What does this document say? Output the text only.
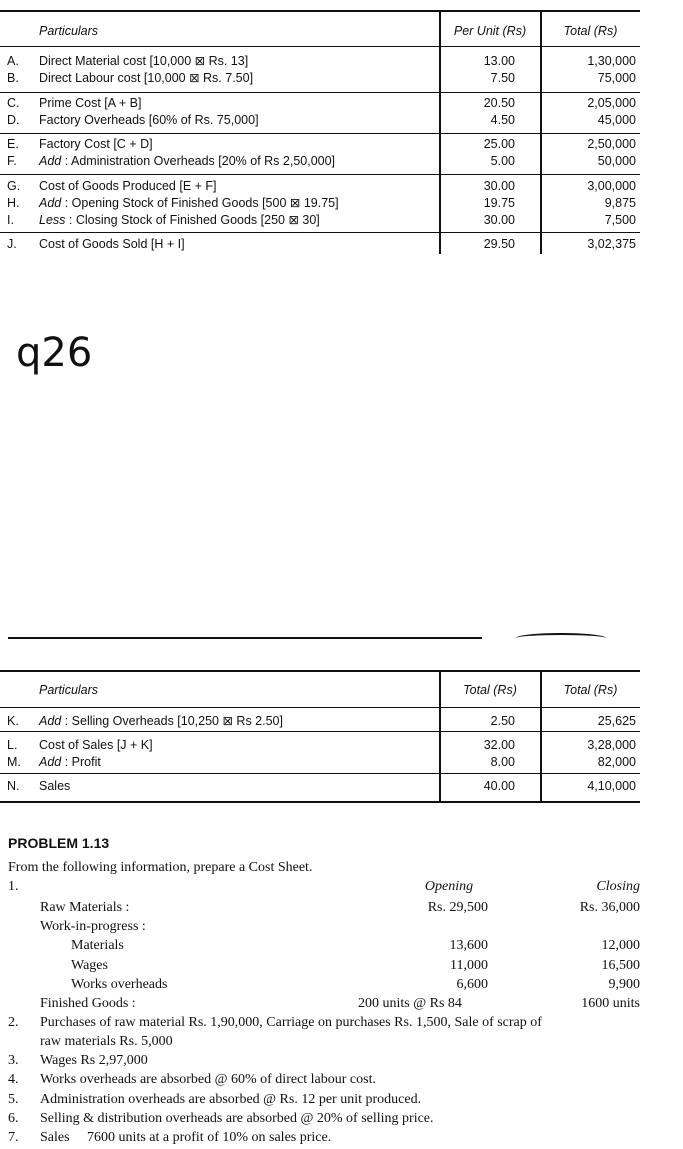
Particulars	Per Unit (Rs)	Total (Rs)
A. Direct Material cost [10,000 ⊠ Rs. 13]	13.00	1,30,000
B. Direct Labour cost [10,000 ⊠ Rs. 7.50]	7.50	75,000
C. Prime Cost [A + B]	20.50	2,05,000
D. Factory Overheads [60% of Rs. 75,000]	4.50	45,000
E. Factory Cost [C + D]	25.00	2,50,000
F. Add : Administration Overheads [20% of Rs 2,50,000]	5.00	50,000
G. Cost of Goods Produced [E + F]	30.00	3,00,000
H. Add : Opening Stock of Finished Goods [500 ⊠ 19.75]	19.75	9,875
I. Less : Closing Stock of Finished Goods [250 ⊠ 30]	30.00	7,500
J. Cost of Goods Sold [H + I]	29.50	3,02,375
q26
Particulars	Total (Rs)	Total (Rs)
K. Add : Selling Overheads [10,250 ⊠ Rs 2.50]	2.50	25,625
L. Cost of Sales [J + K]	32.00	3,28,000
M. Add : Profit	8.00	82,000
N. Sales	40.00	4,10,000
PROBLEM 1.13
From the following information, prepare a Cost Sheet.
1.	Opening	Closing
Raw Materials :	Rs. 29,500	Rs. 36,000
Work-in-progress :
Materials	13,600	12,000
Wages	11,000	16,500
Works overheads	6,600	9,900
Finished Goods :	200 units @ Rs 84	1600 units
2. Purchases of raw material Rs. 1,90,000, Carriage on purchases Rs. 1,500, Sale of scrap of
raw materials Rs. 5,000
3. Wages Rs 2,97,000
4. Works overheads are absorbed @ 60% of direct labour cost.
5. Administration overheads are absorbed @ Rs. 12 per unit produced.
6. Selling & distribution overheads are absorbed @ 20% of selling price.
7. Sales     7600 units at a profit of 10% on sales price.
